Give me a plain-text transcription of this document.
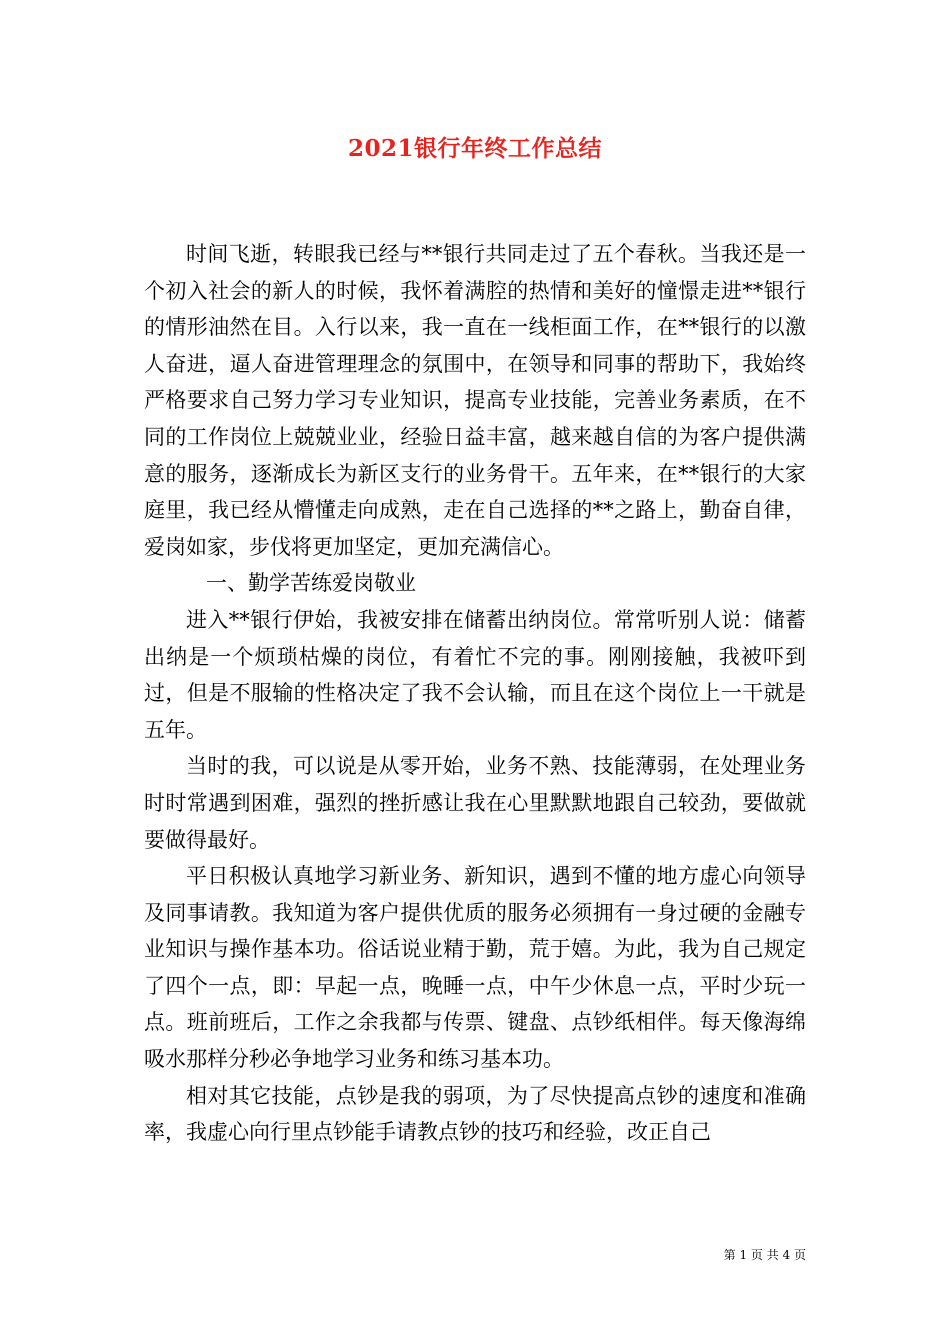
2021银行年终工作总结

时间飞逝，转眼我已经与**银行共同走过了五个春秋。当我还是一个初入社会的新人的时候，我怀着满腔的热情和美好的憧憬走进**银行的情形油然在目。入行以来，我一直在一线柜面工作，在**银行的以激人奋进，逼人奋进管理理念的氛围中，在领导和同事的帮助下，我始终严格要求自己努力学习专业知识，提高专业技能，完善业务素质，在不同的工作岗位上兢兢业业，经验日益丰富，越来越自信的为客户提供满意的服务，逐渐成长为新区支行的业务骨干。五年来，在**银行的大家庭里，我已经从懵懂走向成熟，走在自己选择的**之路上，勤奋自律，爱岗如家，步伐将更加坚定，更加充满信心。

一、勤学苦练爱岗敬业

进入**银行伊始，我被安排在储蓄出纳岗位。常常听别人说：储蓄出纳是一个烦琐枯燥的岗位，有着忙不完的事。刚刚接触，我被吓到过，但是不服输的性格决定了我不会认输，而且在这个岗位上一干就是五年。

当时的我，可以说是从零开始，业务不熟、技能薄弱，在处理业务时时常遇到困难，强烈的挫折感让我在心里默默地跟自己较劲，要做就要做得最好。

平日积极认真地学习新业务、新知识，遇到不懂的地方虚心向领导及同事请教。我知道为客户提供优质的服务必须拥有一身过硬的金融专业知识与操作基本功。俗话说业精于勤，荒于嬉。为此，我为自己规定了四个一点，即：早起一点，晚睡一点，中午少休息一点，平时少玩一点。班前班后，工作之余我都与传票、键盘、点钞纸相伴。每天像海绵吸水那样分秒必争地学习业务和练习基本功。

相对其它技能，点钞是我的弱项，为了尽快提高点钞的速度和准确率，我虚心向行里点钞能手请教点钞的技巧和经验，改正自己

第 1 页 共 4 页
